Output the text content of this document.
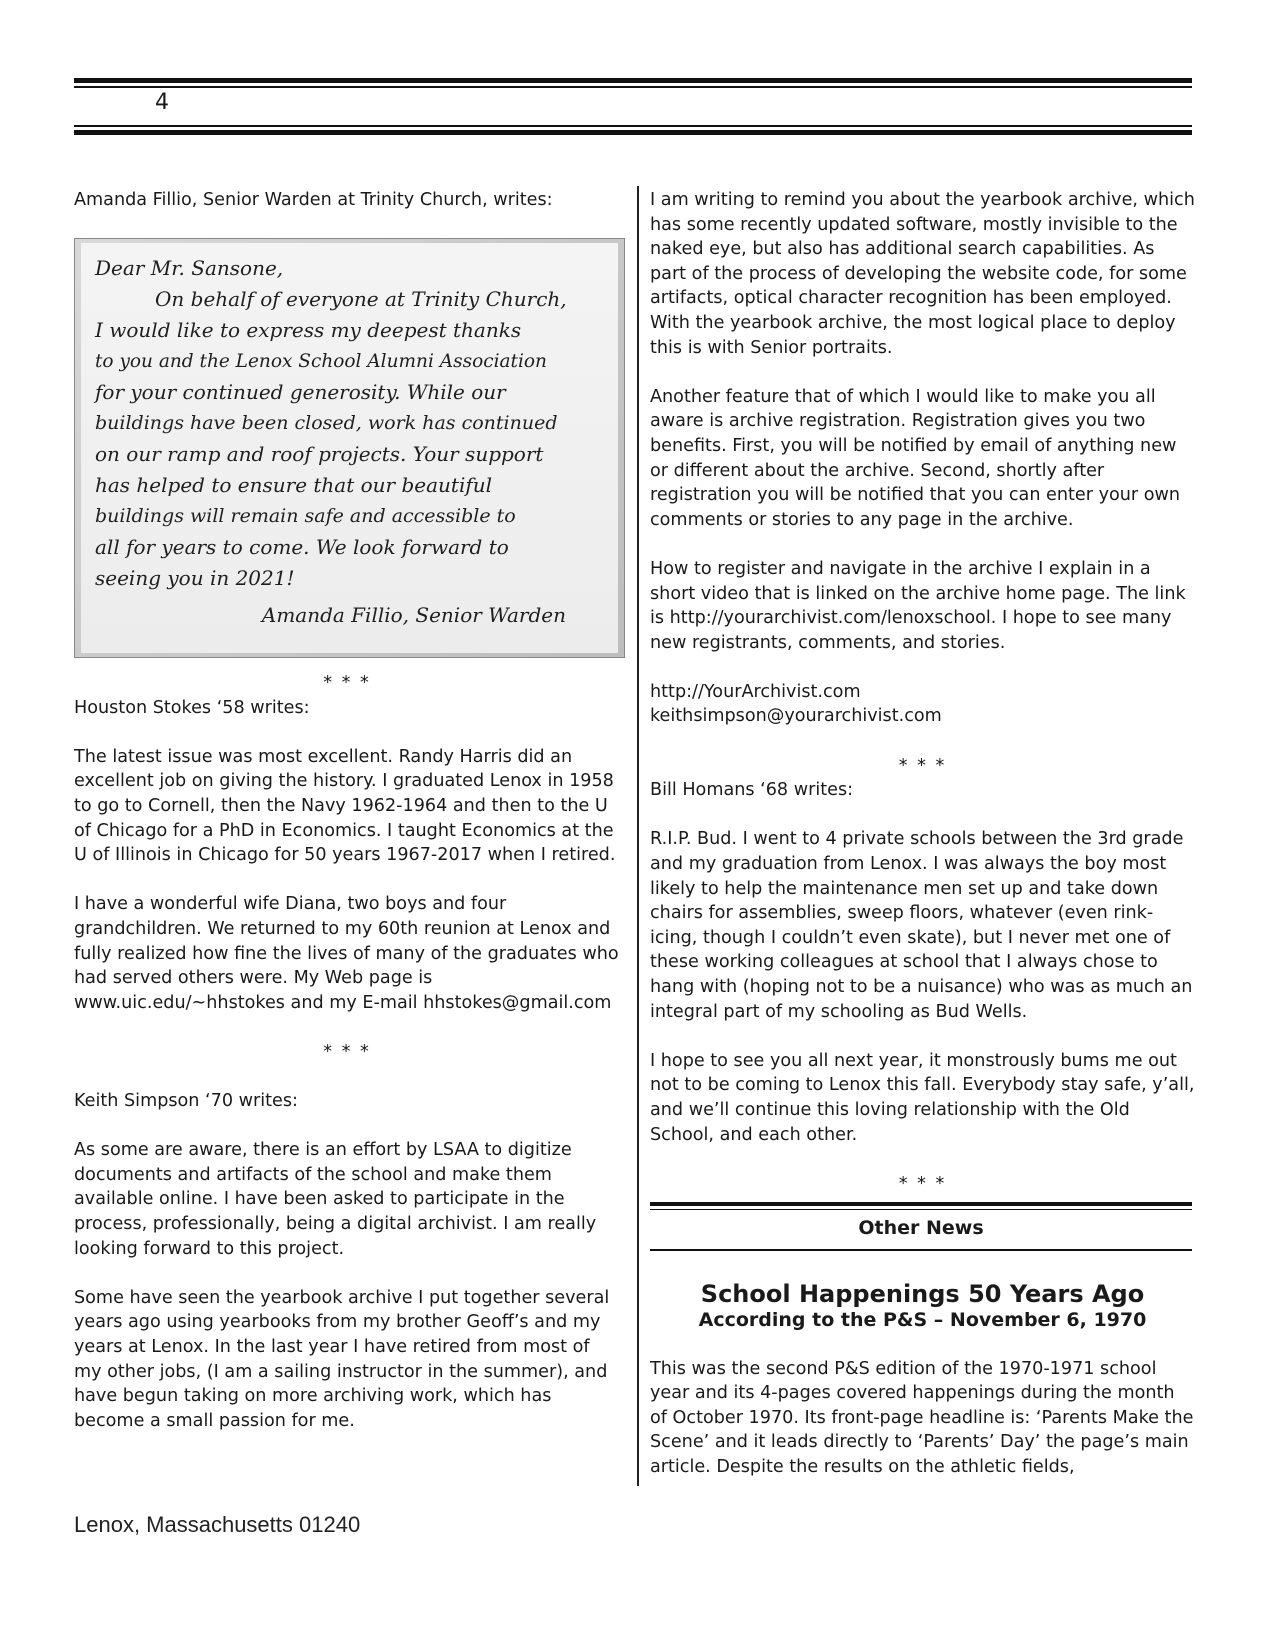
4

Amanda Fillio, Senior Warden at Trinity Church, writes:

Dear Mr. Sansone,
On behalf of everyone at Trinity Church,
I would like to express my deepest thanks
to you and the Lenox School Alumni Association
for your continued generosity. While our
buildings have been closed, work has continued
on our ramp and roof projects. Your support
has helped to ensure that our beautiful
buildings will remain safe and accessible to
all for years to come. We look forward to
seeing you in 2021!
Amanda Fillio, Senior Warden

* * *

Houston Stokes ‘58 writes:

The latest issue was most excellent. Randy Harris did an excellent job on giving the history. I graduated Lenox in 1958 to go to Cornell, then the Navy 1962-1964 and then to the U of Chicago for a PhD in Economics. I taught Economics at the U of Illinois in Chicago for 50 years 1967-2017 when I retired.

I have a wonderful wife Diana, two boys and four grandchildren. We returned to my 60th reunion at Lenox and fully realized how fine the lives of many of the graduates who had served others were. My Web page is www.uic.edu/~hhstokes and my E-mail hhstokes@gmail.com

* * *

Keith Simpson ‘70 writes:

As some are aware, there is an effort by LSAA to digitize documents and artifacts of the school and make them available online. I have been asked to participate in the process, professionally, being a digital archivist. I am really looking forward to this project.

Some have seen the yearbook archive I put together several years ago using yearbooks from my brother Geoff’s and my years at Lenox. In the last year I have retired from most of my other jobs, (I am a sailing instructor in the summer), and have begun taking on more archiving work, which has become a small passion for me.

I am writing to remind you about the yearbook archive, which has some recently updated software, mostly invisible to the naked eye, but also has additional search capabilities. As part of the process of developing the website code, for some artifacts, optical character recognition has been employed. With the yearbook archive, the most logical place to deploy this is with Senior portraits.

Another feature that of which I would like to make you all aware is archive registration. Registration gives you two benefits. First, you will be notified by email of anything new or different about the archive. Second, shortly after registration you will be notified that you can enter your own comments or stories to any page in the archive.

How to register and navigate in the archive I explain in a short video that is linked on the archive home page. The link is http://yourarchivist.com/lenoxschool. I hope to see many new registrants, comments, and stories.

http://YourArchivist.com

keithsimpson@yourarchivist.com

* * *

Bill Homans ‘68 writes:

R.I.P. Bud. I went to 4 private schools between the 3rd grade and my graduation from Lenox. I was always the boy most likely to help the maintenance men set up and take down chairs for assemblies, sweep floors, whatever (even rink-icing, though I couldn’t even skate), but I never met one of these working colleagues at school that I always chose to hang with (hoping not to be a nuisance) who was as much an integral part of my schooling as Bud Wells.

I hope to see you all next year, it monstrously bums me out not to be coming to Lenox this fall. Everybody stay safe, y’all, and we’ll continue this loving relationship with the Old School, and each other.

* * *

Other News
School Happenings 50 Years Ago
According to the P&S – November 6, 1970

This was the second P&S edition of the 1970-1971 school year and its 4-pages covered happenings during the month of October 1970. Its front-page headline is: ‘Parents Make the Scene’ and it leads directly to ‘Parents’ Day’ the page’s main article. Despite the results on the athletic fields,

Lenox, Massachusetts 01240
